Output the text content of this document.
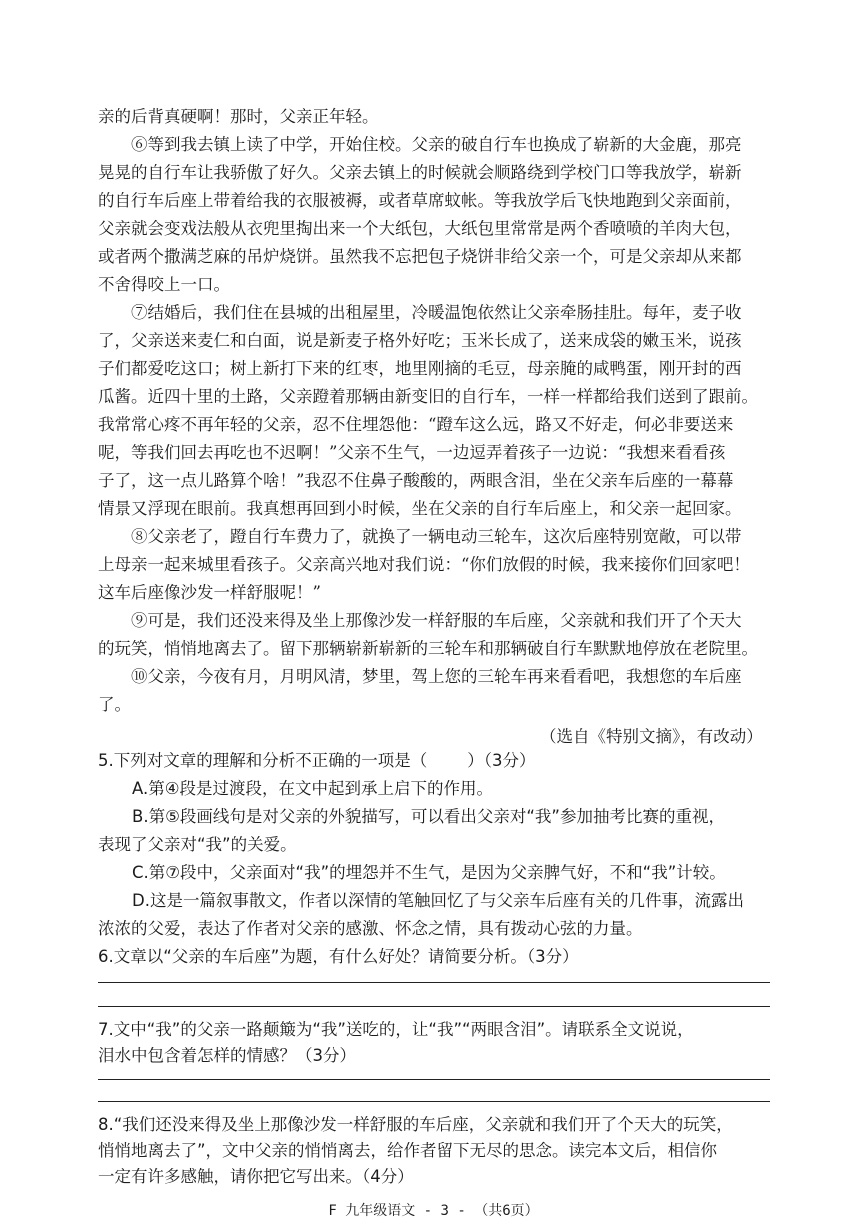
亲的后背真硬啊！那时，父亲正年轻。
⑥等到我去镇上读了中学，开始住校。父亲的破自行车也换成了崭新的大金鹿，那亮
晃晃的自行车让我骄傲了好久。父亲去镇上的时候就会顺路绕到学校门口等我放学，崭新
的自行车后座上带着给我的衣服被褥，或者草席蚊帐。等我放学后飞快地跑到父亲面前，
父亲就会变戏法般从衣兜里掏出来一个大纸包，大纸包里常常是两个香喷喷的羊肉大包，
或者两个撒满芝麻的吊炉烧饼。虽然我不忘把包子烧饼非给父亲一个，可是父亲却从来都
不舍得咬上一口。
⑦结婚后，我们住在县城的出租屋里，冷暖温饱依然让父亲牵肠挂肚。每年，麦子收
了，父亲送来麦仁和白面，说是新麦子格外好吃；玉米长成了，送来成袋的嫩玉米，说孩
子们都爱吃这口；树上新打下来的红枣，地里刚摘的毛豆，母亲腌的咸鸭蛋，刚开封的西
瓜酱。近四十里的土路，父亲蹬着那辆由新变旧的自行车，一样一样都给我们送到了跟前。
我常常心疼不再年轻的父亲，忍不住埋怨他：“蹬车这么远，路又不好走，何必非要送来
呢，等我们回去再吃也不迟啊！”父亲不生气，一边逗弄着孩子一边说：“我想来看看孩
子了，这一点儿路算个啥！”我忍不住鼻子酸酸的，两眼含泪，坐在父亲车后座的一幕幕
情景又浮现在眼前。我真想再回到小时候，坐在父亲的自行车后座上，和父亲一起回家。
⑧父亲老了，蹬自行车费力了，就换了一辆电动三轮车，这次后座特别宽敞，可以带
上母亲一起来城里看孩子。父亲高兴地对我们说：“你们放假的时候，我来接你们回家吧！
这车后座像沙发一样舒服呢！”
⑨可是，我们还没来得及坐上那像沙发一样舒服的车后座，父亲就和我们开了个天大
的玩笑，悄悄地离去了。留下那辆崭新崭新的三轮车和那辆破自行车默默地停放在老院里。
⑩父亲，今夜有月，月明风清，梦里，驾上您的三轮车再来看看吧，我想您的车后座
了。
（选自《特别文摘》，有改动）
5.下列对文章的理解和分析不正确的一项是（ ）（3分）
A.第④段是过渡段，在文中起到承上启下的作用。
B.第⑤段画线句是对父亲的外貌描写，可以看出父亲对“我”参加抽考比赛的重视，
表现了父亲对“我”的关爱。
C.第⑦段中，父亲面对“我”的埋怨并不生气，是因为父亲脾气好，不和“我”计较。
D.这是一篇叙事散文，作者以深情的笔触回忆了与父亲车后座有关的几件事，流露出
浓浓的父爱，表达了作者对父亲的感激、怀念之情，具有拨动心弦的力量。
6.文章以“父亲的车后座”为题，有什么好处？请简要分析。（3分）
7.文中“我”的父亲一路颠簸为“我”送吃的，让“我”“两眼含泪”。请联系全文说说，
泪水中包含着怎样的情感？（3分）
8.“我们还没来得及坐上那像沙发一样舒服的车后座，父亲就和我们开了个天大的玩笑，
悄悄地离去了”，文中父亲的悄悄离去，给作者留下无尽的思念。读完本文后，相信你
一定有许多感触，请你把它写出来。（4分）
F 九年级语文 - 3 - （共6页）
